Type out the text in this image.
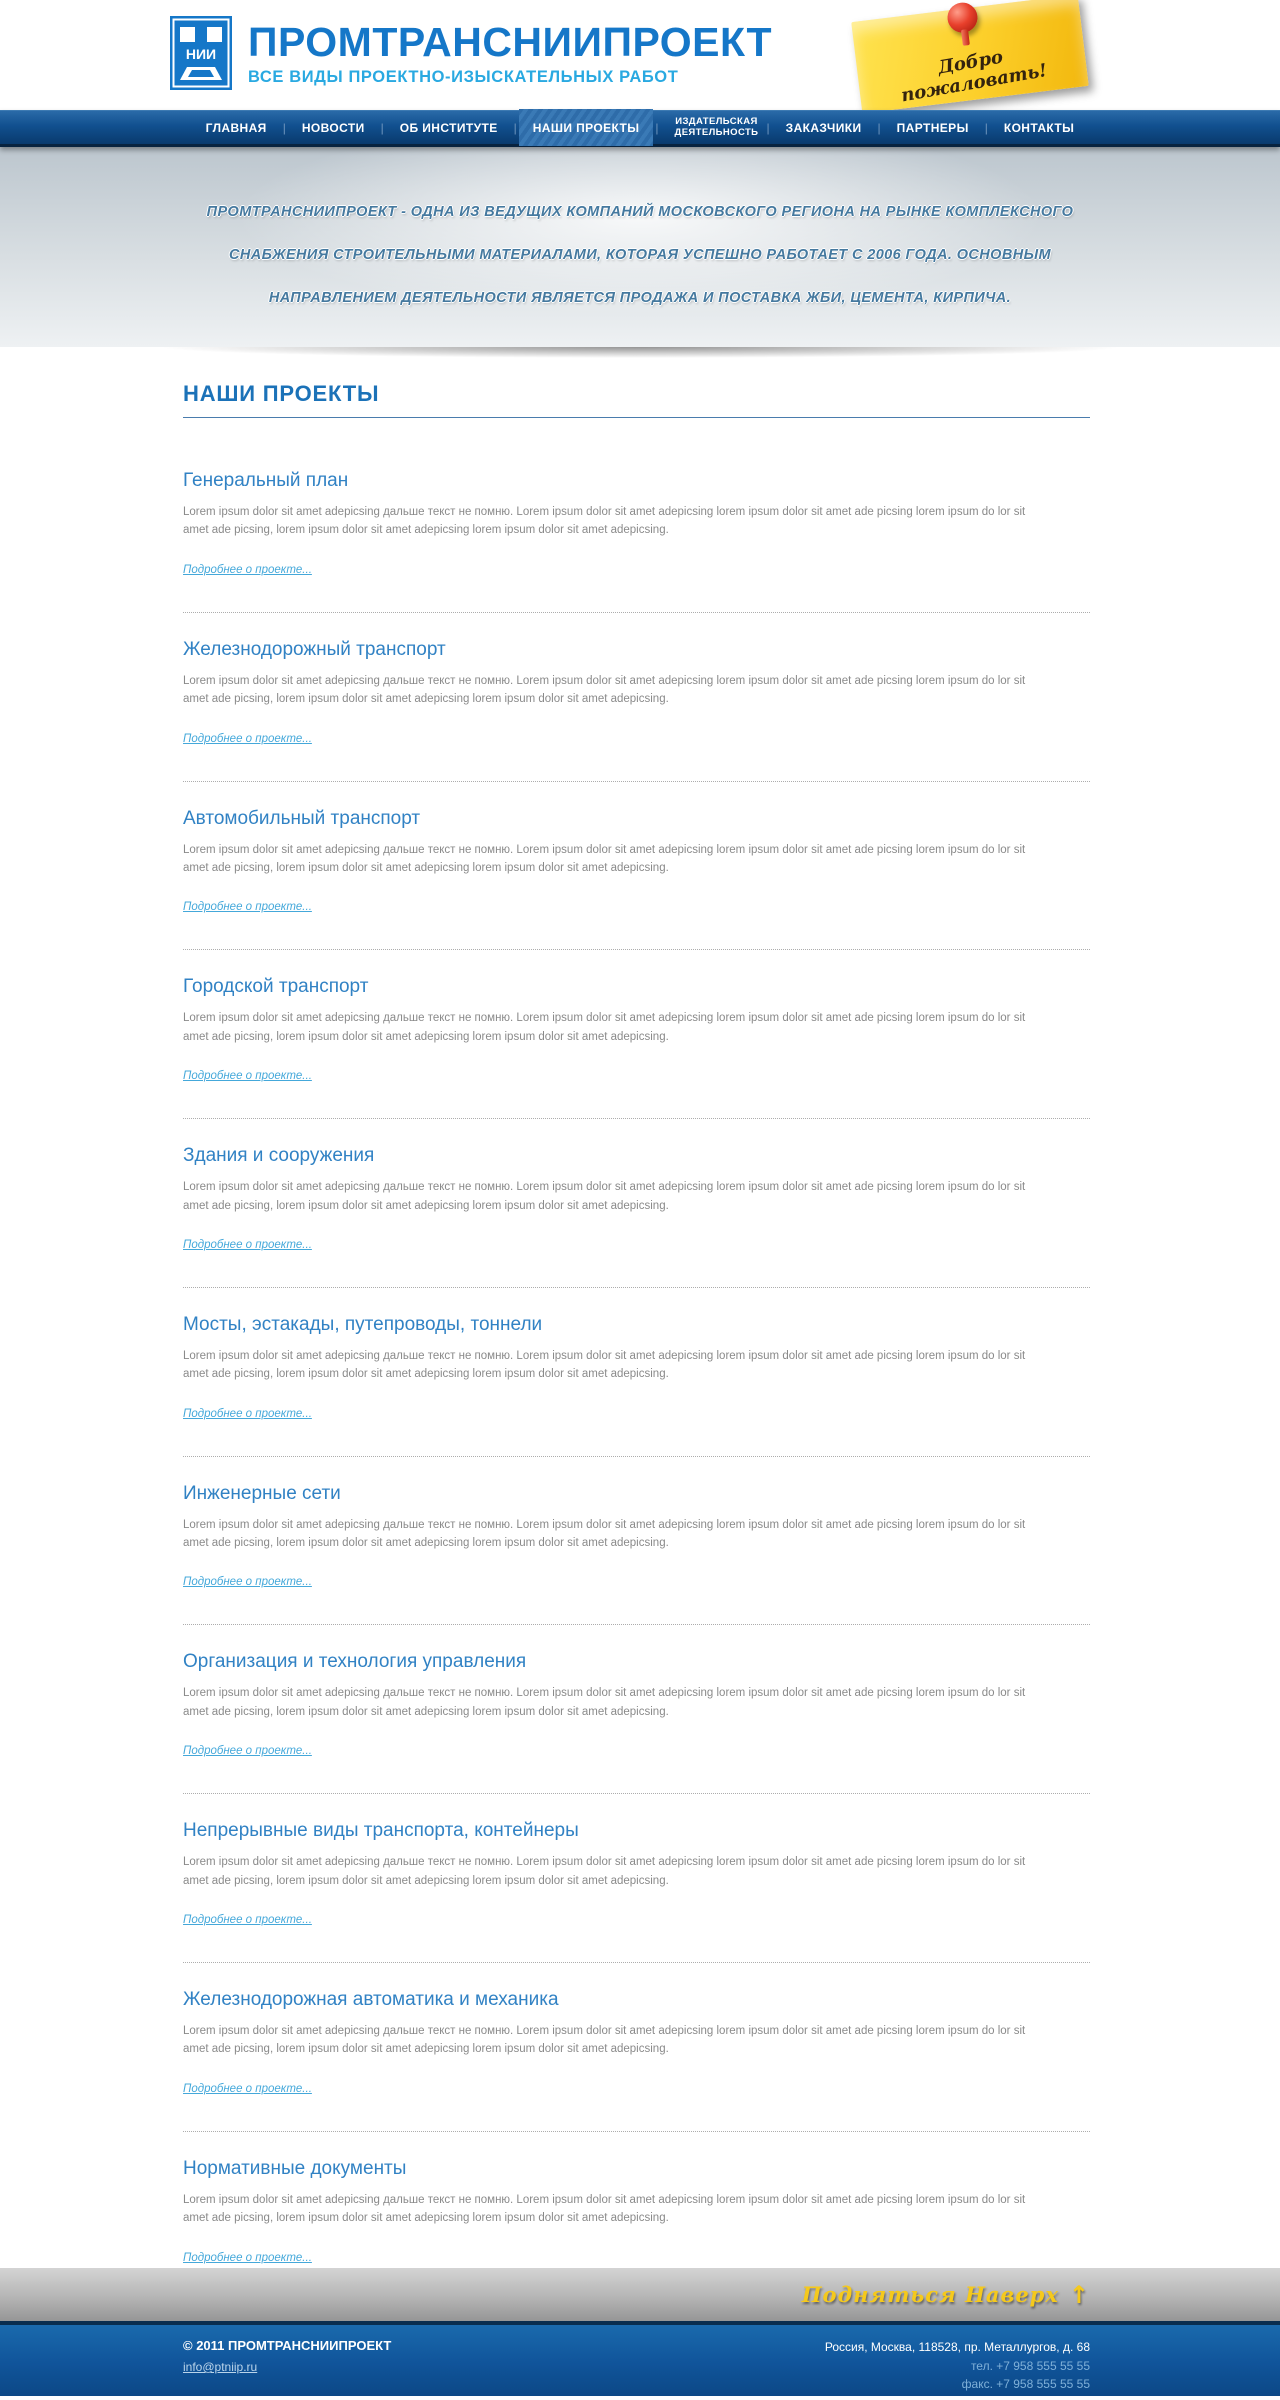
НИИ ПРОМТРАНСНИИПРОЕКТ
ВСЕ ВИДЫ ПРОЕКТНО-ИЗЫСКАТЕЛЬНЫХ РАБОТ	Добро пожаловать!
ГЛАВНАЯ	|	НОВОСТИ	|	ОБ ИНСТИТУТЕ	|	НАШИ ПРОЕКТЫ	|	ИЗДАТЕЛЬСКАЯ ДЕЯТЕЛЬНОСТЬ |	ЗАКАЗЧИКИ	|	ПАРТНЕРЫ	|	КОНТАКТЫ
ПРОМТРАНСНИИПРОЕКТ - ОДНА ИЗ ВЕДУЩИХ КОМПАНИЙ МОСКОВСКОГО РЕГИОНА НА РЫНКЕ КОМПЛЕКСНОГО СНАБЖЕНИЯ СТРОИТЕЛЬНЫМИ МАТЕРИАЛАМИ, КОТОРАЯ УСПЕШНО РАБОТАЕТ С 2006 ГОДА. ОСНОВНЫМ НАПРАВЛЕНИЕМ ДЕЯТЕЛЬНОСТИ ЯВЛЯЕТСЯ ПРОДАЖА И ПОСТАВКА ЖБИ, ЦЕМЕНТА, КИРПИЧА.
НАШИ ПРОЕКТЫ
Генеральный план

Lorem ipsum dolor sit amet adepicsing дальше текст не помню. Lorem ipsum dolor sit amet adepicsing lorem ipsum dolor sit amet ade picsing lorem ipsum do lor sit amet ade picsing, lorem ipsum dolor sit amet adepicsing lorem ipsum dolor sit amet adepicsing.

Подробнее о проекте...
Железнодорожный транспорт

Lorem ipsum dolor sit amet adepicsing дальше текст не помню. Lorem ipsum dolor sit amet adepicsing lorem ipsum dolor sit amet ade picsing lorem ipsum do lor sit amet ade picsing, lorem ipsum dolor sit amet adepicsing lorem ipsum dolor sit amet adepicsing.

Подробнее о проекте...
Автомобильный транспорт

Lorem ipsum dolor sit amet adepicsing дальше текст не помню. Lorem ipsum dolor sit amet adepicsing lorem ipsum dolor sit amet ade picsing lorem ipsum do lor sit amet ade picsing, lorem ipsum dolor sit amet adepicsing lorem ipsum dolor sit amet adepicsing.

Подробнее о проекте...
Городской транспорт

Lorem ipsum dolor sit amet adepicsing дальше текст не помню. Lorem ipsum dolor sit amet adepicsing lorem ipsum dolor sit amet ade picsing lorem ipsum do lor sit amet ade picsing, lorem ipsum dolor sit amet adepicsing lorem ipsum dolor sit amet adepicsing.

Подробнее о проекте...
Здания и сооружения

Lorem ipsum dolor sit amet adepicsing дальше текст не помню. Lorem ipsum dolor sit amet adepicsing lorem ipsum dolor sit amet ade picsing lorem ipsum do lor sit amet ade picsing, lorem ipsum dolor sit amet adepicsing lorem ipsum dolor sit amet adepicsing.

Подробнее о проекте...
Мосты, эстакады, путепроводы, тоннели

Lorem ipsum dolor sit amet adepicsing дальше текст не помню. Lorem ipsum dolor sit amet adepicsing lorem ipsum dolor sit amet ade picsing lorem ipsum do lor sit amet ade picsing, lorem ipsum dolor sit amet adepicsing lorem ipsum dolor sit amet adepicsing.

Подробнее о проекте...
Инженерные сети

Lorem ipsum dolor sit amet adepicsing дальше текст не помню. Lorem ipsum dolor sit amet adepicsing lorem ipsum dolor sit amet ade picsing lorem ipsum do lor sit amet ade picsing, lorem ipsum dolor sit amet adepicsing lorem ipsum dolor sit amet adepicsing.

Подробнее о проекте...
Организация и технология управления

Lorem ipsum dolor sit amet adepicsing дальше текст не помню. Lorem ipsum dolor sit amet adepicsing lorem ipsum dolor sit amet ade picsing lorem ipsum do lor sit amet ade picsing, lorem ipsum dolor sit amet adepicsing lorem ipsum dolor sit amet adepicsing.

Подробнее о проекте...
Непрерывные виды транспорта, контейнеры

Lorem ipsum dolor sit amet adepicsing дальше текст не помню. Lorem ipsum dolor sit amet adepicsing lorem ipsum dolor sit amet ade picsing lorem ipsum do lor sit amet ade picsing, lorem ipsum dolor sit amet adepicsing lorem ipsum dolor sit amet adepicsing.

Подробнее о проекте...
Железнодорожная автоматика и механика

Lorem ipsum dolor sit amet adepicsing дальше текст не помню. Lorem ipsum dolor sit amet adepicsing lorem ipsum dolor sit amet ade picsing lorem ipsum do lor sit amet ade picsing, lorem ipsum dolor sit amet adepicsing lorem ipsum dolor sit amet adepicsing.

Подробнее о проекте...
Нормативные документы

Lorem ipsum dolor sit amet adepicsing дальше текст не помню. Lorem ipsum dolor sit amet adepicsing lorem ipsum dolor sit amet ade picsing lorem ipsum do lor sit amet ade picsing, lorem ipsum dolor sit amet adepicsing lorem ipsum dolor sit amet adepicsing.

Подробнее о проекте...
Подняться Наверх ↑
© 2011 ПРОМТРАНСНИИПРОЕКТ
info@ptniip.ru
Россия, Москва, 118528, пр. Металлургов, д. 68
тел. +7 958 555 55 55
факс. +7 958 555 55 55
